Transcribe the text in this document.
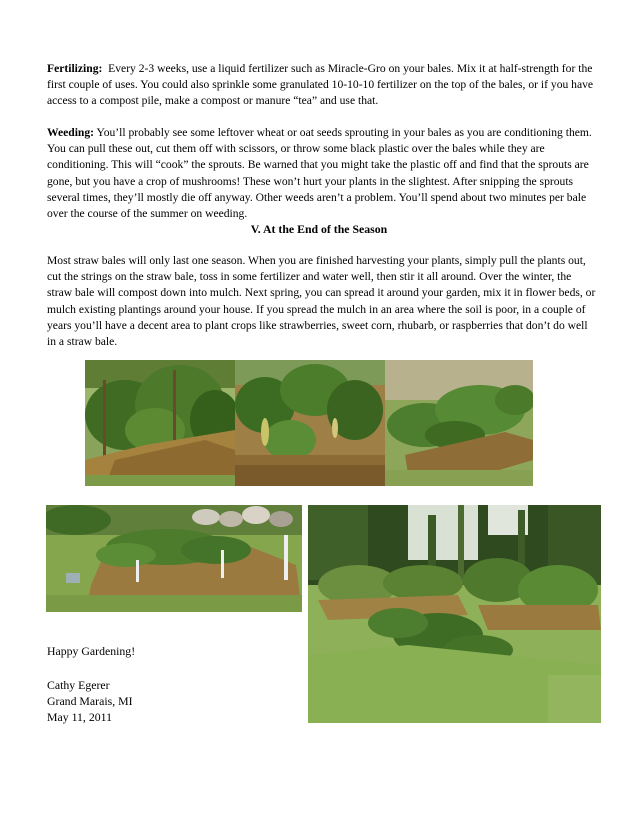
Fertilizing: Every 2-3 weeks, use a liquid fertilizer such as Miracle-Gro on your bales. Mix it at half-strength for the first couple of uses. You could also sprinkle some granulated 10-10-10 fertilizer on the top of the bales, or if you have access to a compost pile, make a compost or manure “tea” and use that.

Weeding: You’ll probably see some leftover wheat or oat seeds sprouting in your bales as you are conditioning them. You can pull these out, cut them off with scissors, or throw some black plastic over the bales while they are conditioning. This will “cook” the sprouts. Be warned that you might take the plastic off and find that the sprouts are gone, but you have a crop of mushrooms! These won’t hurt your plants in the slightest. After snipping the sprouts several times, they’ll mostly die off anyway. Other weeds aren’t a problem. You’ll spend about two minutes per bale over the course of the summer on weeding.

V. At the End of the Season

Most straw bales will only last one season. When you are finished harvesting your plants, simply pull the plants out, cut the strings on the straw bale, toss in some fertilizer and water well, then stir it all around. Over the winter, the straw bale will compost down into mulch. Next spring, you can spread it around your garden, mix it in flower beds, or mulch existing plantings around your house. If you spread the mulch in an area where the soil is poor, in a couple of years you’ll have a decent area to plant crops like strawberries, sweet corn, rhubarb, or raspberries that don’t do well in a straw bale.

Happy Gardening!
Cathy Egerer
Grand Marais, MI
May 11, 2011
